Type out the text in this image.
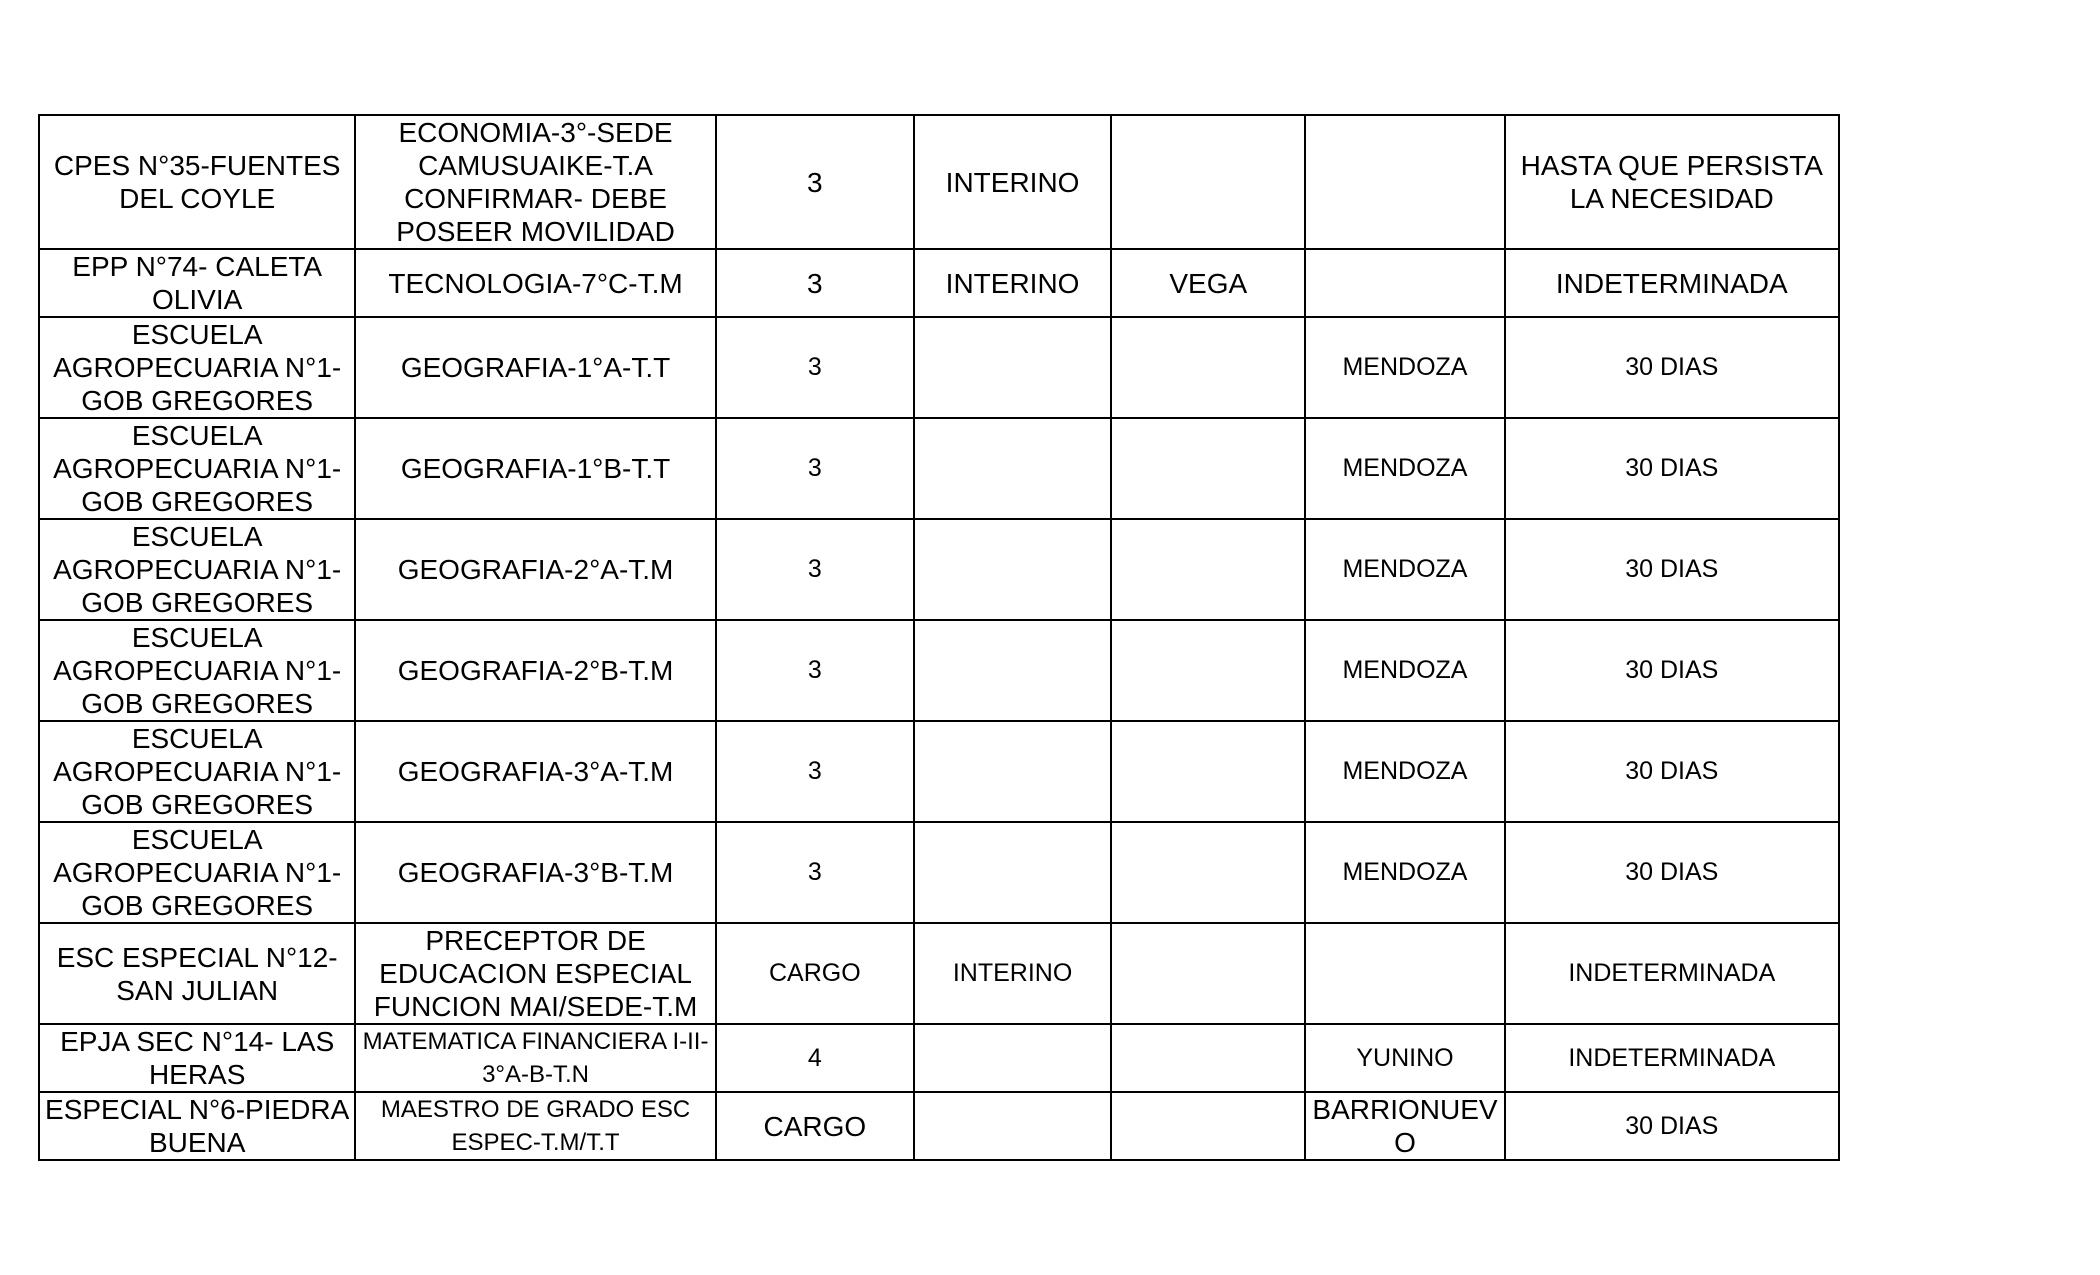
CPES N°35-FUENTES DEL COYLE	ECONOMIA-3°-SEDE CAMUSUAIKE-T.A CONFIRMAR- DEBE POSEER MOVILIDAD	3	INTERINO			HASTA QUE PERSISTA LA NECESIDAD
EPP N°74- CALETA OLIVIA	TECNOLOGIA-7°C-T.M	3	INTERINO	VEGA		INDETERMINADA
ESCUELA AGROPECUARIA N°1- GOB GREGORES	GEOGRAFIA-1°A-T.T	3			MENDOZA	30 DIAS
ESCUELA AGROPECUARIA N°1- GOB GREGORES	GEOGRAFIA-1°B-T.T	3			MENDOZA	30 DIAS
ESCUELA AGROPECUARIA N°1- GOB GREGORES	GEOGRAFIA-2°A-T.M	3			MENDOZA	30 DIAS
ESCUELA AGROPECUARIA N°1- GOB GREGORES	GEOGRAFIA-2°B-T.M	3			MENDOZA	30 DIAS
ESCUELA AGROPECUARIA N°1- GOB GREGORES	GEOGRAFIA-3°A-T.M	3			MENDOZA	30 DIAS
ESCUELA AGROPECUARIA N°1- GOB GREGORES	GEOGRAFIA-3°B-T.M	3			MENDOZA	30 DIAS
ESC ESPECIAL N°12- SAN JULIAN	PRECEPTOR DE EDUCACION ESPECIAL FUNCION MAI/SEDE-T.M	CARGO	INTERINO			INDETERMINADA
EPJA SEC N°14- LAS HERAS	MATEMATICA FINANCIERA I-II-3°A-B-T.N	4			YUNINO	INDETERMINADA
ESPECIAL N°6-PIEDRA BUENA	MAESTRO DE GRADO ESC ESPEC-T.M/T.T	CARGO			BARRIONUEVO	30 DIAS
